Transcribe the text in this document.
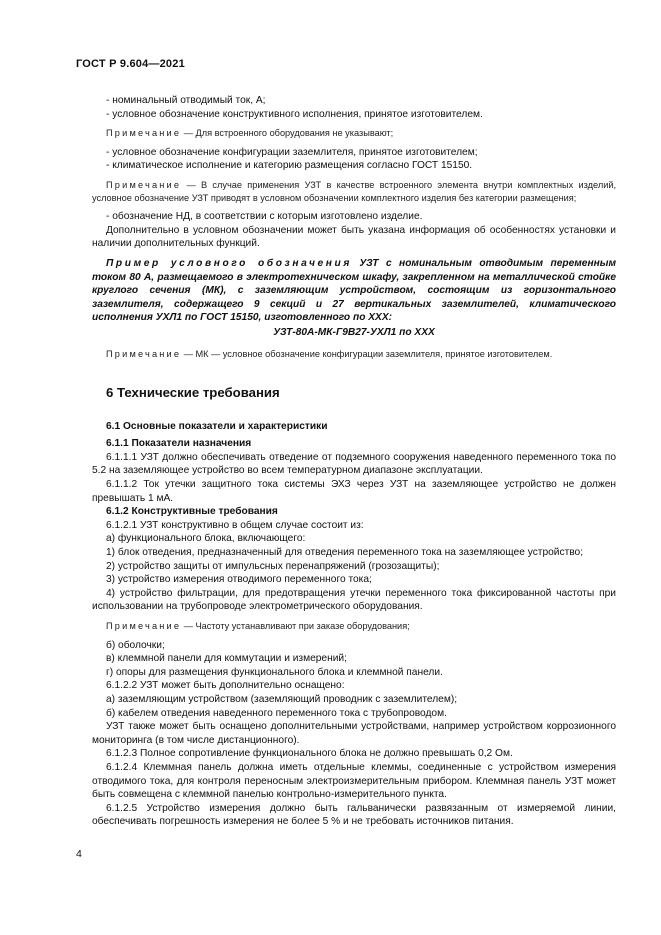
ГОСТ Р 9.604—2021

- номинальный отводимый ток, А;

- условное обозначение конструктивного исполнения, принятое изготовителем.

Примечание — Для встроенного оборудования не указывают;

- условное обозначение конфигурации заземлителя, принятое изготовителем;

- климатическое исполнение и категорию размещения согласно ГОСТ 15150.

Примечание — В случае применения УЗТ в качестве встроенного элемента внутри комплектных изделий, условное обозначение УЗТ приводят в условном обозначении комплектного изделия без категории размещения;

- обозначение НД, в соответствии с которым изготовлено изделие.

Дополнительно в условном обозначении может быть указана информация об особенностях установки и наличии дополнительных функций.

Пример условного обозначения УЗТ с номинальным отводимым переменным током 80 А, размещаемого в электротехническом шкафу, закрепленном на металлической стойке круглого сечения (МК), с заземляющим устройством, состоящим из горизонтального заземлителя, содержащего 9 секций и 27 вертикальных заземлителей, климатического исполнения УХЛ1 по ГОСТ 15150, изготовленного по ХХХ:

УЗТ-80А-МК-Г9В27-УХЛ1 по ХХХ

Примечание — МК — условное обозначение конфигурации заземлителя, принятое изготовителем.

6 Технические требования

6.1 Основные показатели и характеристики

6.1.1 Показатели назначения

6.1.1.1 УЗТ должно обеспечивать отведение от подземного сооружения наведенного переменного тока по 5.2 на заземляющее устройство во всем температурном диапазоне эксплуатации.

6.1.1.2 Ток утечки защитного тока системы ЭХЗ через УЗТ на заземляющее устройство не должен превышать 1 мА.

6.1.2 Конструктивные требования

6.1.2.1 УЗТ конструктивно в общем случае состоит из:

а) функционального блока, включающего:

1) блок отведения, предназначенный для отведения переменного тока на заземляющее устройство;

2) устройство защиты от импульсных перенапряжений (грозозащиты);

3) устройство измерения отводимого переменного тока;

4) устройство фильтрации, для предотвращения утечки переменного тока фиксированной частоты при использовании на трубопроводе электрометрического оборудования.

Примечание — Частоту устанавливают при заказе оборудования;

б) оболочки;

в) клеммной панели для коммутации и измерений;

г) опоры для размещения функционального блока и клеммной панели.

6.1.2.2 УЗТ может быть дополнительно оснащено:

а) заземляющим устройством (заземляющий проводник с заземлителем);

б) кабелем отведения наведенного переменного тока с трубопроводом.

УЗТ также может быть оснащено дополнительными устройствами, например устройством коррозионного мониторинга (в том числе дистанционного).

6.1.2.3 Полное сопротивление функционального блока не должно превышать 0,2 Ом.

6.1.2.4 Клеммная панель должна иметь отдельные клеммы, соединенные с устройством измерения отводимого тока, для контроля переносным электроизмерительным прибором. Клеммная панель УЗТ может быть совмещена с клеммной панелью контрольно-измерительного пункта.

6.1.2.5 Устройство измерения должно быть гальванически развязанным от измеряемой линии, обеспечивать погрешность измерения не более 5 % и не требовать источников питания.

4
